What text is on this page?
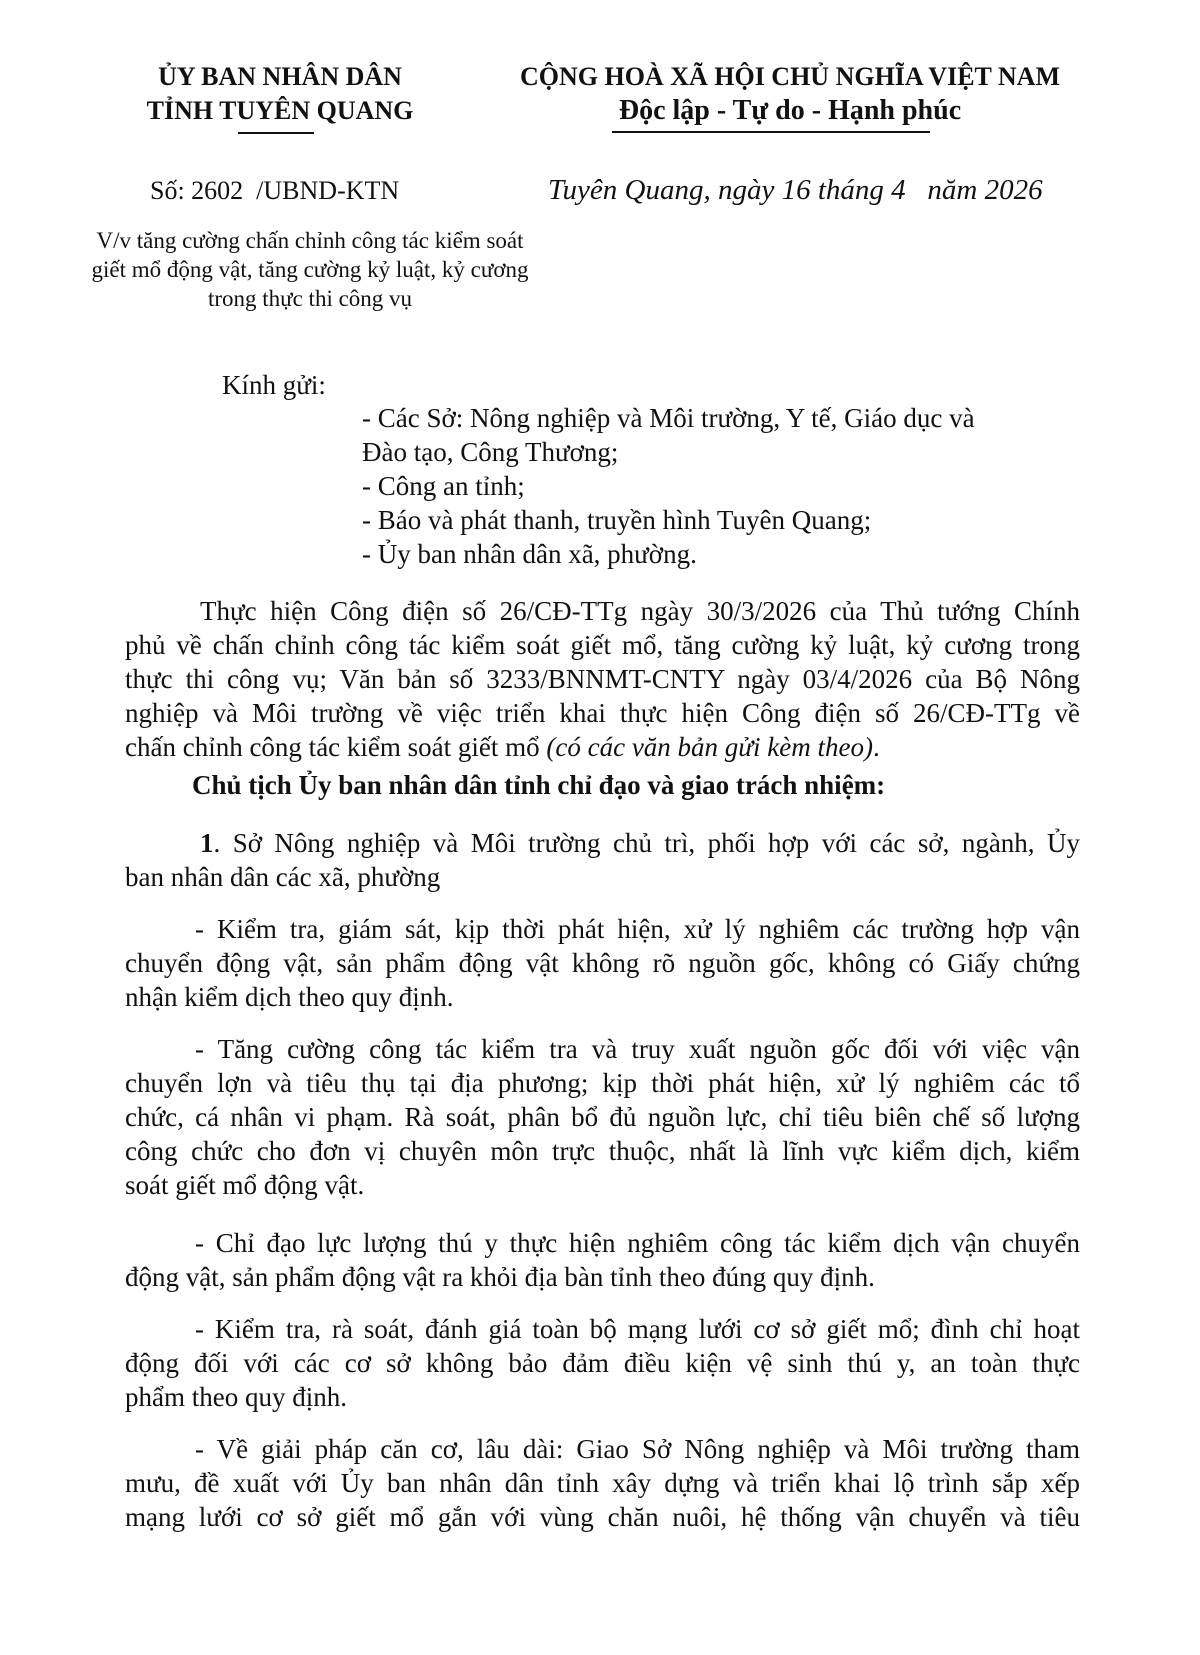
ỦY BAN NHÂN DÂN
TỈNH TUYÊN QUANG
CỘNG HOÀ XÃ HỘI CHỦ NGHĨA VIỆT NAM
Độc lập - Tự do - Hạnh phúc
Số: 2602  /UBND-KTN	Tuyên Quang, ngày 16 tháng 4   năm 2026
V/v tăng cường chấn chỉnh công tác kiểm soát
giết mổ động vật, tăng cường kỷ luật, kỷ cương
trong thực thi công vụ
Kính gửi:
- Các Sở: Nông nghiệp và Môi trường, Y tế, Giáo dục và
Đào tạo, Công Thương;
- Công an tỉnh;
- Báo và phát thanh, truyền hình Tuyên Quang;
- Ủy ban nhân dân xã, phường.
Thực hiện Công điện số 26/CĐ-TTg ngày 30/3/2026 của Thủ tướng Chính
phủ về chấn chỉnh công tác kiểm soát giết mổ, tăng cường kỷ luật, kỷ cương trong
thực thi công vụ; Văn bản số 3233/BNNMT-CNTY ngày 03/4/2026 của Bộ Nông
nghiệp và Môi trường về việc triển khai thực hiện Công điện số 26/CĐ-TTg về
chấn chỉnh công tác kiểm soát giết mổ (có các văn bản gửi kèm theo).
Chủ tịch Ủy ban nhân dân tỉnh chỉ đạo và giao trách nhiệm:
1. Sở Nông nghiệp và Môi trường chủ trì, phối hợp với các sở, ngành, Ủy
ban nhân dân các xã, phường
- Kiểm tra, giám sát, kịp thời phát hiện, xử lý nghiêm các trường hợp vận
chuyển động vật, sản phẩm động vật không rõ nguồn gốc, không có Giấy chứng
nhận kiểm dịch theo quy định.
- Tăng cường công tác kiểm tra và truy xuất nguồn gốc đối với việc vận
chuyển lợn và tiêu thụ tại địa phương; kịp thời phát hiện, xử lý nghiêm các tổ
chức, cá nhân vi phạm. Rà soát, phân bổ đủ nguồn lực, chỉ tiêu biên chế số lượng
công chức cho đơn vị chuyên môn trực thuộc, nhất là lĩnh vực kiểm dịch, kiểm
soát giết mổ động vật.
- Chỉ đạo lực lượng thú y thực hiện nghiêm công tác kiểm dịch vận chuyển
động vật, sản phẩm động vật ra khỏi địa bàn tỉnh theo đúng quy định.
- Kiểm tra, rà soát, đánh giá toàn bộ mạng lưới cơ sở giết mổ; đình chỉ hoạt
động đối với các cơ sở không bảo đảm điều kiện vệ sinh thú y, an toàn thực
phẩm theo quy định.
- Về giải pháp căn cơ, lâu dài: Giao Sở Nông nghiệp và Môi trường tham
mưu, đề xuất với Ủy ban nhân dân tỉnh xây dựng và triển khai lộ trình sắp xếp
mạng lưới cơ sở giết mổ gắn với vùng chăn nuôi, hệ thống vận chuyển và tiêu
